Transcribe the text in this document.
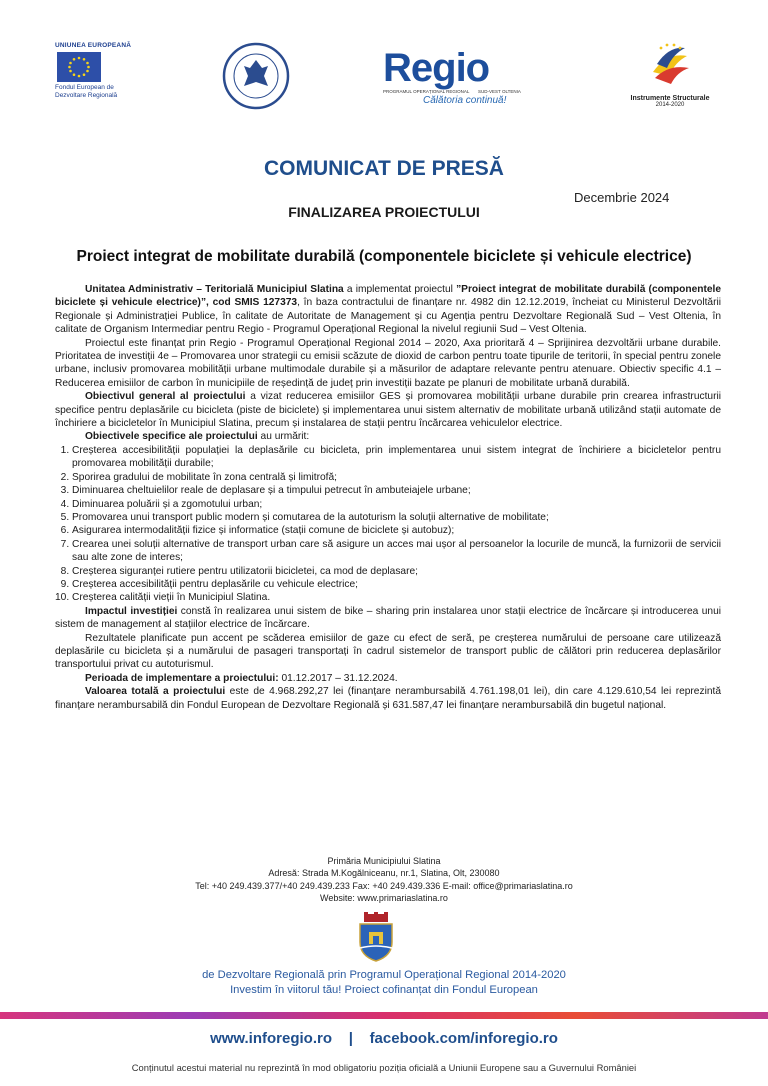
UNIUNEA EUROPEANĂ
Fondul European de
Dezvoltare Regională
Regio
PROGRAMUL OPERAȚIONAL REGIONAL SUD-VEST OLTENIA
Călătoria continuă!	Instrumente Structurale
2014-2020
COMUNICAT DE PRESĂ
Decembrie 2024
FINALIZAREA PROIECTULUI
Proiect integrat de mobilitate durabilă (componentele biciclete și vehicule electrice)

Unitatea Administrativ – Teritorială Municipiul Slatina a implementat proiectul ”Proiect integrat de mobilitate durabilă (componentele biciclete și vehicule electrice)”, cod SMIS 127373, în baza contractului de finanțare nr. 4982 din 12.12.2019, încheiat cu Ministerul Dezvoltării Regionale și Administrației Publice, în calitate de Autoritate de Management și cu Agenția pentru Dezvoltare Regională Sud – Vest Oltenia, în calitate de Organism Intermediar pentru Regio - Programul Operațional Regional la nivelul regiunii Sud – Vest Oltenia.

Proiectul este finanțat prin Regio - Programul Operațional Regional 2014 – 2020, Axa prioritară 4 – Sprijinirea dezvoltării urbane durabile. Prioritatea de investiții 4e – Promovarea unor strategii cu emisii scăzute de dioxid de carbon pentru toate tipurile de teritorii, în special pentru zonele urbane, inclusiv promovarea mobilității urbane multimodale durabile și a măsurilor de adaptare relevante pentru atenuare. Obiectiv specific 4.1 – Reducerea emisiilor de carbon în municipiile de reședință de județ prin investiții bazate pe planuri de mobilitate urbană durabilă.

Obiectivul general al proiectului a vizat reducerea emisiilor GES și promovarea mobilității urbane durabile prin crearea infrastructurii specifice pentru deplasările cu bicicleta (piste de biciclete) și implementarea unui sistem alternativ de mobilitate urbană utilizând stații automate de închiriere a bicicletelor în Municipiul Slatina, precum și instalarea de stații pentru încărcarea vehiculelor electrice.

Obiectivele specifice ale proiectului au urmărit:

1. Creșterea accesibilității populației la deplasările cu bicicleta, prin implementarea unui sistem integrat de închiriere a bicicletelor pentru promovarea mobilității durabile;
2. Sporirea gradului de mobilitate în zona centrală și limitrofă;
3. Diminuarea cheltuielilor reale de deplasare și a timpului petrecut în ambuteiajele urbane;
4. Diminuarea poluării și a zgomotului urban;
5. Promovarea unui transport public modern și comutarea de la autoturism la soluții alternative de mobilitate;
6. Asigurarea intermodalității fizice și informatice (stații comune de biciclete și autobuz);
7. Crearea unei soluții alternative de transport urban care să asigure un acces mai ușor al persoanelor la locurile de muncă, la furnizorii de servicii sau alte zone de interes;
8. Creșterea siguranței rutiere pentru utilizatorii bicicletei, ca mod de deplasare;
9. Creșterea accesibilității pentru deplasările cu vehicule electrice;
10. Creșterea calității vieții în Municipiul Slatina.

Impactul investiției constă în realizarea unui sistem de bike – sharing prin instalarea unor stații electrice de încărcare și introducerea unui sistem de management al stațiilor electrice de încărcare.

Rezultatele planificate pun accent pe scăderea emisiilor de gaze cu efect de seră, pe creșterea numărului de persoane care utilizează deplasările cu bicicleta și a numărului de pasageri transportați în cadrul sistemelor de transport public de călători prin reducerea deplasărilor transportului privat cu autoturismul.

Perioada de implementare a proiectului: 01.12.2017 – 31.12.2024.

Valoarea totală a proiectului este de 4.968.292,27 lei (finanțare nerambursabilă 4.761.198,01 lei), din care 4.129.610,54 lei reprezintă finanțare nerambursabilă din Fondul European de Dezvoltare Regională și 631.587,47 lei finanțare nerambursabilă din bugetul național.

Primăria Municipiului Slatina
Adresă: Strada M.Kogălniceanu, nr.1, Slatina, Olt, 230080
Tel: +40 249.439.377/+40 249.439.233 Fax: +40 249.439.336 E-mail: office@primariaslatina.ro
Website: www.primariaslatina.ro
de Dezvoltare Regională prin Programul Operațional Regional 2014-2020
Investim în viitorul tău! Proiect cofinanțat din Fondul European
www.inforegio.ro | facebook.com/inforegio.ro
Conținutul acestui material nu reprezintă în mod obligatoriu poziția oficială a Uniunii Europene sau a Guvernului României
